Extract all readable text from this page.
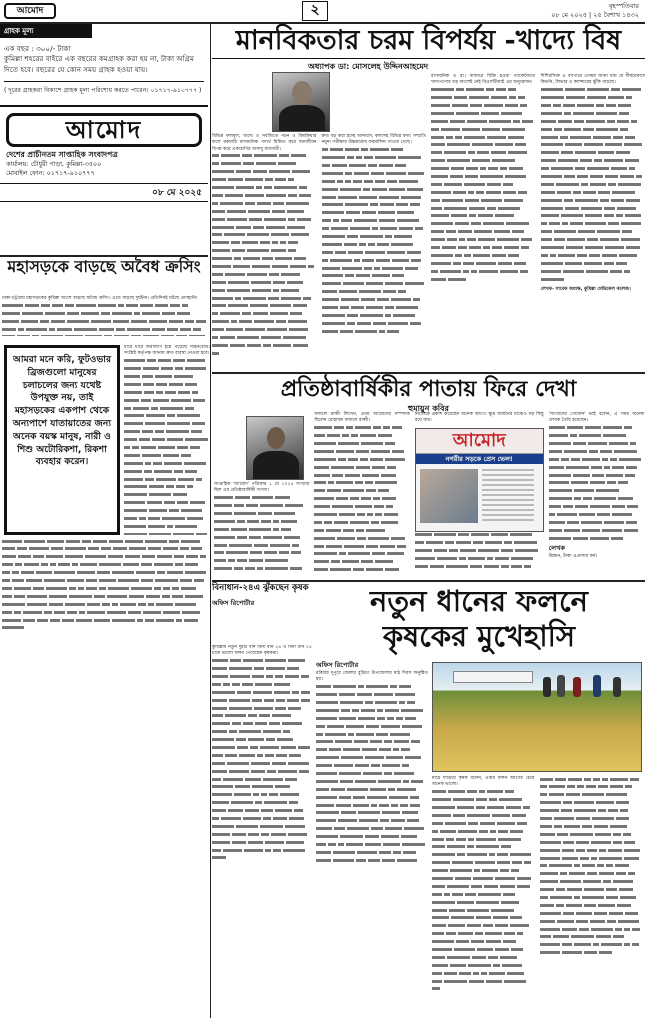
আমোদ	২	বৃহস্পতিবার
০৮ মে ২০২৫ | ২৫ বৈশাখ ১৪৩২
গ্রাহক মূল্য
এক বছর : ৩০০/- টাকা
কুমিল্লা শহরের বাইরে এক বছরের কমগ্রাহক করা হয় না, টাকা অগ্রিম দিতে হবে। বছরের যে কোন সময় গ্রাহক হওয়া যায়।
( দূরের গ্রাহকরা বিকাশে গ্রাহক মূল্য পরিশোধ করতে পারেন। ০১৭১৭-৯১০৭৭৭ )
আমোদ
দেশের প্রাচীনতম সাপ্তাহিক সংবাদপত্র
কার্যালয়: চৌধুরী পাড়া, কুমিল্লা-৩৫০০
মোবাইল ফোন: ০১৭১৭-৯১০৭৭৭
০৮ মে ২০২৫
মানবিকতার চরম বিপর্যয় -খাদ্যে বিষ
অধ্যাপক ডা: মোসলেহ উদ্দিনআহমেদ

বিভিন্ন ফলমূল, খাদ্যে ও সবজিতে পচন ও বিষক্রিয়ার ফলে রকমারি রাসায়নিক পদার্থ মিশ্রিত করে জনজীবন বিপন্ন করে একশ্রেণির অসাধু ব্যবসায়ী।

দ্রুত বড় করা হচ্ছে আনারস, কলাসহ বিভিন্ন ফল। সম্প্রতি নমুনা পরীক্ষায় উচ্চমাত্রায় ফরমালিন পাওয়া গেছে।

রাসায়নিক ও রং। বাজারে বিক্রি হওয়া প্যাকেটজাত খাদ্যপণ্যের বড় অংশেই নেই বিএসটিআই এর অনুমোদন।

শিশিরসিক্ত এ ব্যাপারে এসময় জানা যায় যে দীর্ঘমেয়াদে কিডনি, লিভার ও ক্যান্সারের ঝুঁকি বাড়ছে।

লেখক- সাবেক অধ্যক্ষ, কুমিল্লা মেডিকেল কলেজ।

মহাসড়কে বাড়ছে অবৈধ ক্রসিং

ঢাকা-চট্টগ্রাম মহাসড়কের কুমিল্লা অংশে বাড়ছে অবৈধ ক্রসিং। এতে বাড়ছে দুর্ঘটনা। প্রতিদিনই ঘটছে প্রাণহানি।

আমরা মনে করি, ফুটওভার ব্রিজগুলো মানুষের চলাচলের জন্য যথেষ্ট উপযুক্ত নয়, তাই মহাসড়কের একপাশ থেকে অন্যপাশে যাতায়াতের জন্য অনেক বয়স্ক মানুষ, নারী ও শিশু অটোরিকশা, রিকশা ব্যবহার করেন।

ধীরে ধীরে জরাজীর্ণ হয়ে পড়েছে সাইনবোর্ড। সংশ্লিষ্ট কর্তৃপক্ষ জানায় দ্রুত ব্যবস্থা নেওয়া হবে।

প্রতিষ্ঠাবার্ষিকীর পাতায় ফিরে দেখা
হুমায়ুন কবির

সাপ্তাহিক 'আমোদ' পত্রিকার ১ মে ২০২৫ সংখ্যায় ছিল এর প্রতিষ্ঠাবার্ষিকী সংখ্যা।

ফজলে রাব্বী লিখেন, প্রথম আমোদের সম্পাদক ছিলেন মোহাম্মদ ফজলে রাব্বী।

নিজেকে প্রকাশ করেছেন অনেক আগে। ক্ষুদ্র অর্জনের মাঝেও বড় কিছু রয়ে যায়।

আমোদ
নগরীর সড়কে প্রেস ভেল!

'সাংবাদের গোলেন' ভাই বলেন, এ সময় অনেক লেখক তৈরি হয়েছেন।

লেখক
উন্নয়ন, টাকা এপ্রাসার ফর্ম।
বিনাধান-২৪এ ঝুঁকছেন কৃষক
অফিস রিপোর্টার	নতুন ধানের ফলনে
কৃষকের মুখেহাসি

কুমিল্লায় নতুন দুইটি ধান বিনা ধান ২৪ ও বিনা ধান ২৫ চাষে ভালো ফলন পেয়েছেন কৃষকরা।

অফিস রিপোর্টার

রবিবার দুপুরে জেলার বুড়িচং উপজেলায় মাঠ দিবস অনুষ্ঠিত হয়।

মাঠে দাঁড়িয়ে কৃষক বলেন, এবার ফলন আগের চেয়ে অনেক ভালো।
